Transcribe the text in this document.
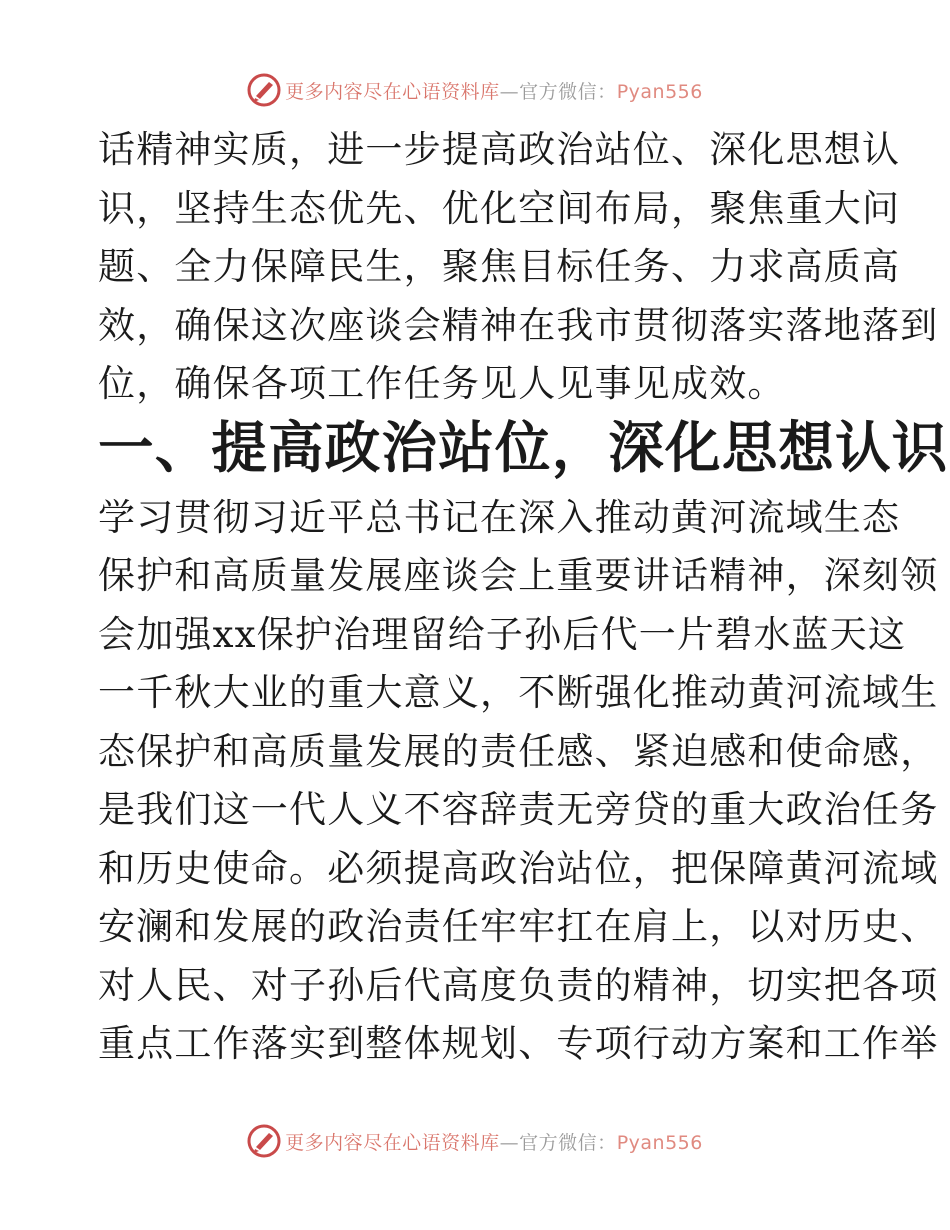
更多内容尽在心语资料库—官方微信：Pyan556

话精神实质，进一步提高政治站位、深化思想认
识，坚持生态优先、优化空间布局，聚焦重大问
题、全力保障民生，聚焦目标任务、力求高质高
效，确保这次座谈会精神在我市贯彻落实落地落到
位，确保各项工作任务见人见事见成效。

一、提高政治站位，深化思想认识

学习贯彻习近平总书记在深入推动黄河流域生态
保护和高质量发展座谈会上重要讲话精神，深刻领
会加强xx保护治理留给子孙后代一片碧水蓝天这
一千秋大业的重大意义，不断强化推动黄河流域生
态保护和高质量发展的责任感、紧迫感和使命感，
是我们这一代人义不容辞责无旁贷的重大政治任务
和历史使命。必须提高政治站位，把保障黄河流域
安澜和发展的政治责任牢牢扛在肩上，以对历史、
对人民、对子孙后代高度负责的精神，切实把各项
重点工作落实到整体规划、专项行动方案和工作举

更多内容尽在心语资料库—官方微信：Pyan556
